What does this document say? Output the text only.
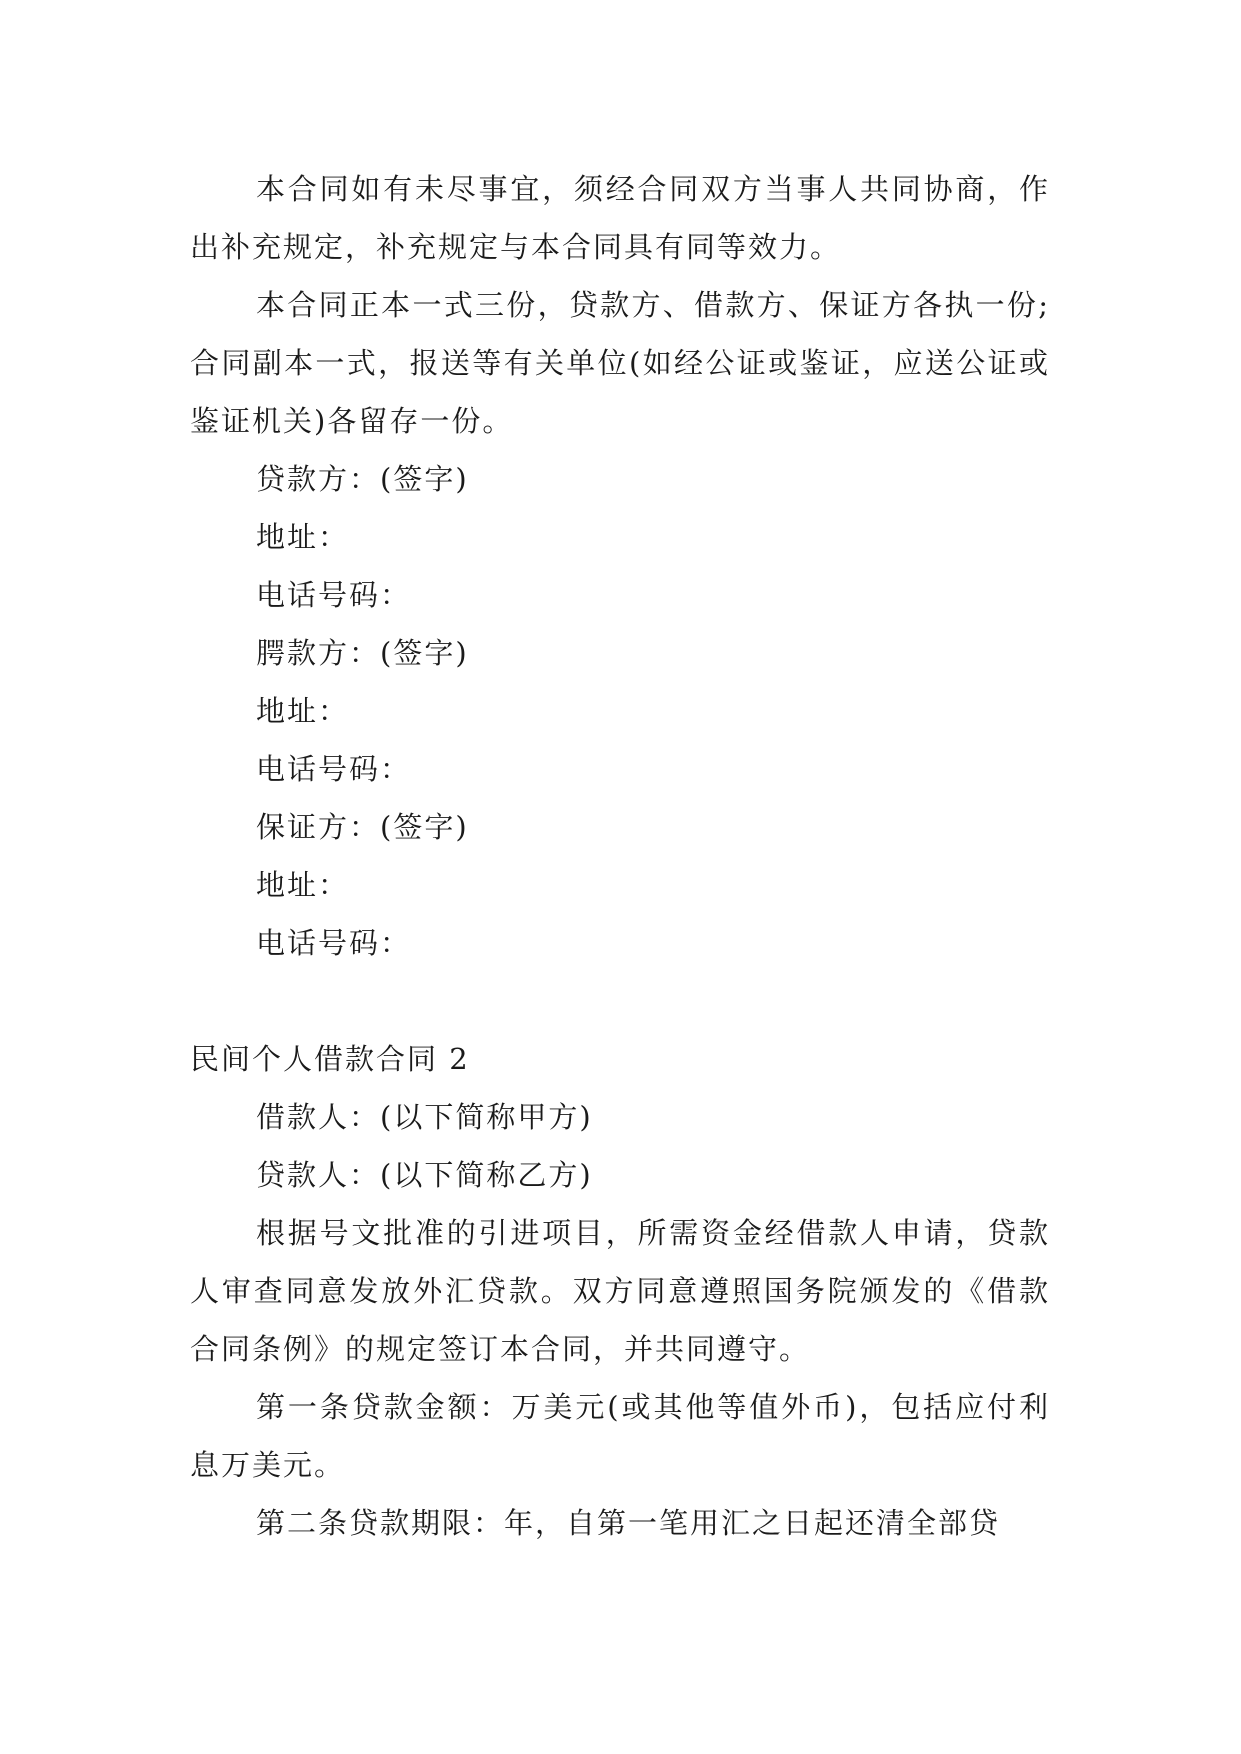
本合同如有未尽事宜，须经合同双方当事人共同协商，作出补充规定，补充规定与本合同具有同等效力。

本合同正本一式三份，贷款方、借款方、保证方各执一份;合同副本一式，报送等有关单位(如经公证或鉴证，应送公证或鉴证机关)各留存一份。

贷款方：(签字)

地址：

电话号码：

腭款方：(签字)

地址：

电话号码：

保证方：(签字)

地址：

电话号码：

民间个人借款合同 2

借款人：(以下简称甲方)

贷款人：(以下简称乙方)

根据号文批准的引进项目，所需资金经借款人申请，贷款人审查同意发放外汇贷款。双方同意遵照国务院颁发的《借款合同条例》的规定签订本合同，并共同遵守。

第一条贷款金额：万美元(或其他等值外币)，包括应付利息万美元。

第二条贷款期限：年，自第一笔用汇之日起还清全部贷
